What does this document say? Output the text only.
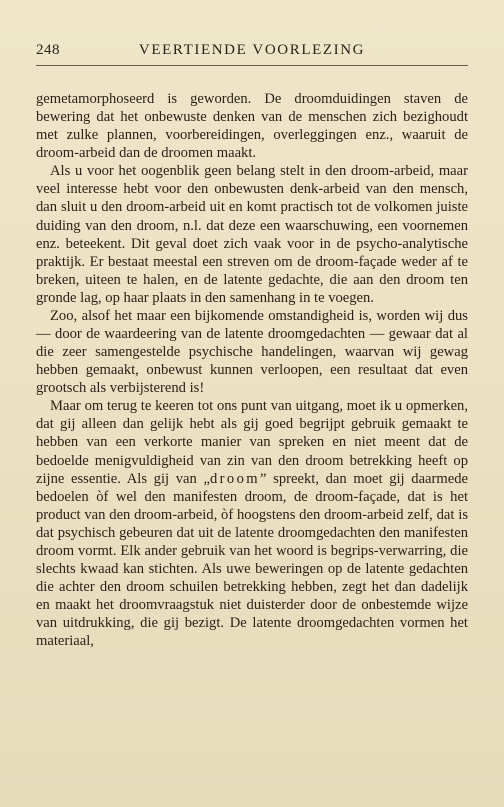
248	VEERTIENDE VOORLEZING

gemetamorphoseerd is geworden. De droomduidingen staven de bewering dat het onbewuste denken van de menschen zich bezighoudt met zulke plannen, voorbereidingen, overleggingen enz., waaruit de droom-arbeid dan de droomen maakt.

Als u voor het oogenblik geen belang stelt in den droom-arbeid, maar veel interesse hebt voor den onbewusten denk-arbeid van den mensch, dan sluit u den droom-arbeid uit en komt practisch tot de volkomen juiste duiding van den droom, n.l. dat deze een waarschuwing, een voornemen enz. beteekent. Dit geval doet zich vaak voor in de psycho-analytische praktijk. Er bestaat meestal een streven om de droom-façade weder af te breken, uiteen te halen, en de latente gedachte, die aan den droom ten gronde lag, op haar plaats in den samenhang in te voegen.

Zoo, alsof het maar een bijkomende omstandigheid is, worden wij dus — door de waardeering van de latente droomgedachten — gewaar dat al die zeer samengestelde psychische handelingen, waarvan wij gewag hebben gemaakt, onbewust kunnen verloopen, een resultaat dat even grootsch als verbijsterend is!

Maar om terug te keeren tot ons punt van uitgang, moet ik u opmerken, dat gij alleen dan gelijk hebt als gij goed begrijpt gebruik gemaakt te hebben van een verkorte manier van spreken en niet meent dat de bedoelde menigvuldigheid van zin van den droom betrekking heeft op zijne essentie. Als gij van „droom” spreekt, dan moet gij daarmede bedoelen òf wel den manifesten droom, de droom-façade, dat is het product van den droom-arbeid, òf hoogstens den droom-arbeid zelf, dat is dat psychisch gebeuren dat uit de latente droomgedachten den manifesten droom vormt. Elk ander gebruik van het woord is begrips-verwarring, die slechts kwaad kan stichten. Als uwe beweringen op de latente gedachten die achter den droom schuilen betrekking hebben, zegt het dan dadelijk en maakt het droomvraagstuk niet duisterder door de onbestemde wijze van uitdrukking, die gij bezigt. De latente droomgedachten vormen het materiaal,
